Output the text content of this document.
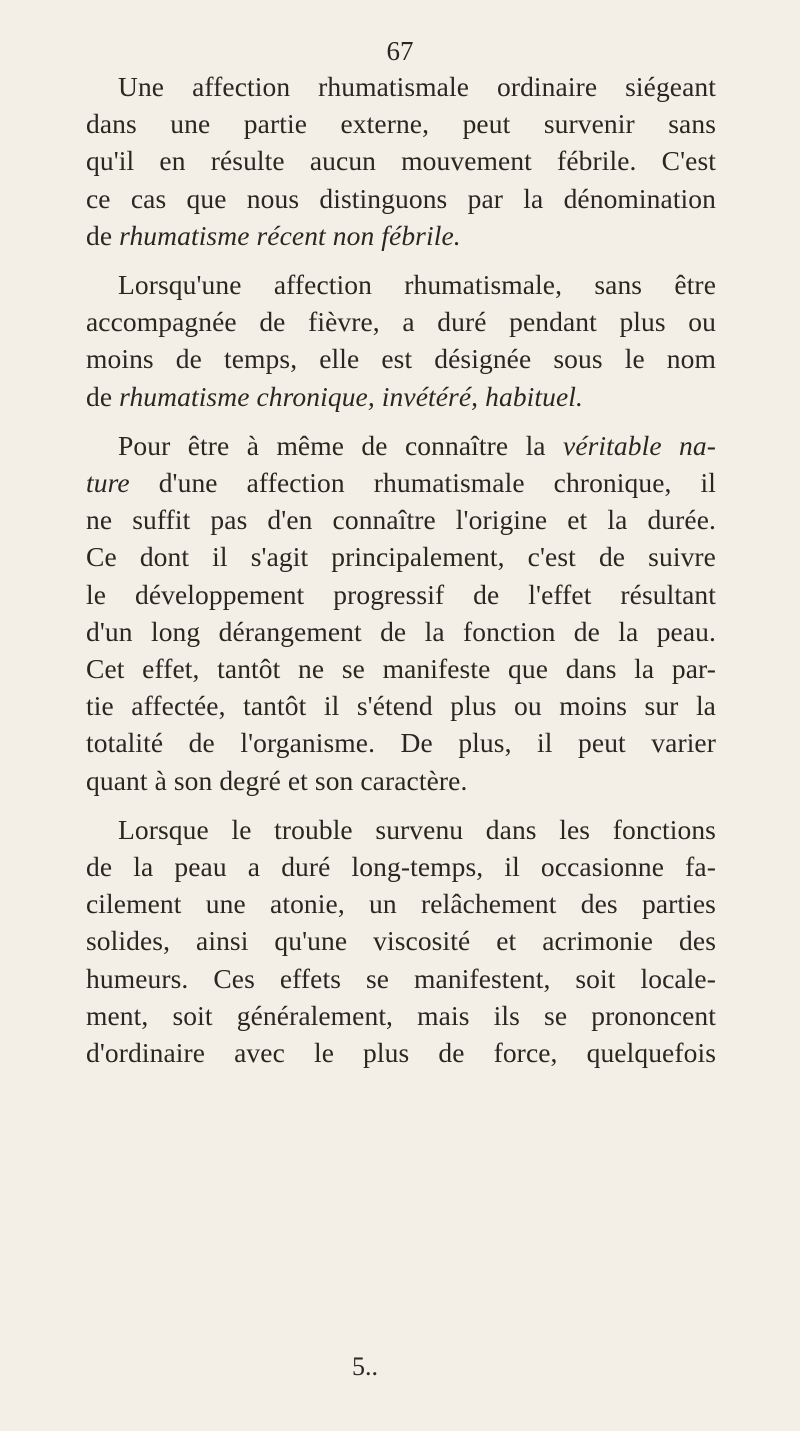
67
Une affection rhumatismale ordinaire siégeant
dans une partie externe, peut survenir sans
qu'il en résulte aucun mouvement fébrile. C'est
ce cas que nous distinguons par la dénomination
de rhumatisme récent non fébrile.
Lorsqu'une affection rhumatismale, sans être
accompagnée de fièvre, a duré pendant plus ou
moins de temps, elle est désignée sous le nom
de rhumatisme chronique, invétéré, habituel.
Pour être à même de connaître la véritable na-
ture d'une affection rhumatismale chronique, il
ne suffit pas d'en connaître l'origine et la durée.
Ce dont il s'agit principalement, c'est de suivre
le développement progressif de l'effet résultant
d'un long dérangement de la fonction de la peau.
Cet effet, tantôt ne se manifeste que dans la par-
tie affectée, tantôt il s'étend plus ou moins sur la
totalité de l'organisme. De plus, il peut varier
quant à son degré et son caractère.
Lorsque le trouble survenu dans les fonctions
de la peau a duré long-temps, il occasionne fa-
cilement une atonie, un relâchement des parties
solides, ainsi qu'une viscosité et acrimonie des
humeurs. Ces effets se manifestent, soit locale-
ment, soit généralement, mais ils se prononcent
d'ordinaire avec le plus de force, quelquefois
5..
